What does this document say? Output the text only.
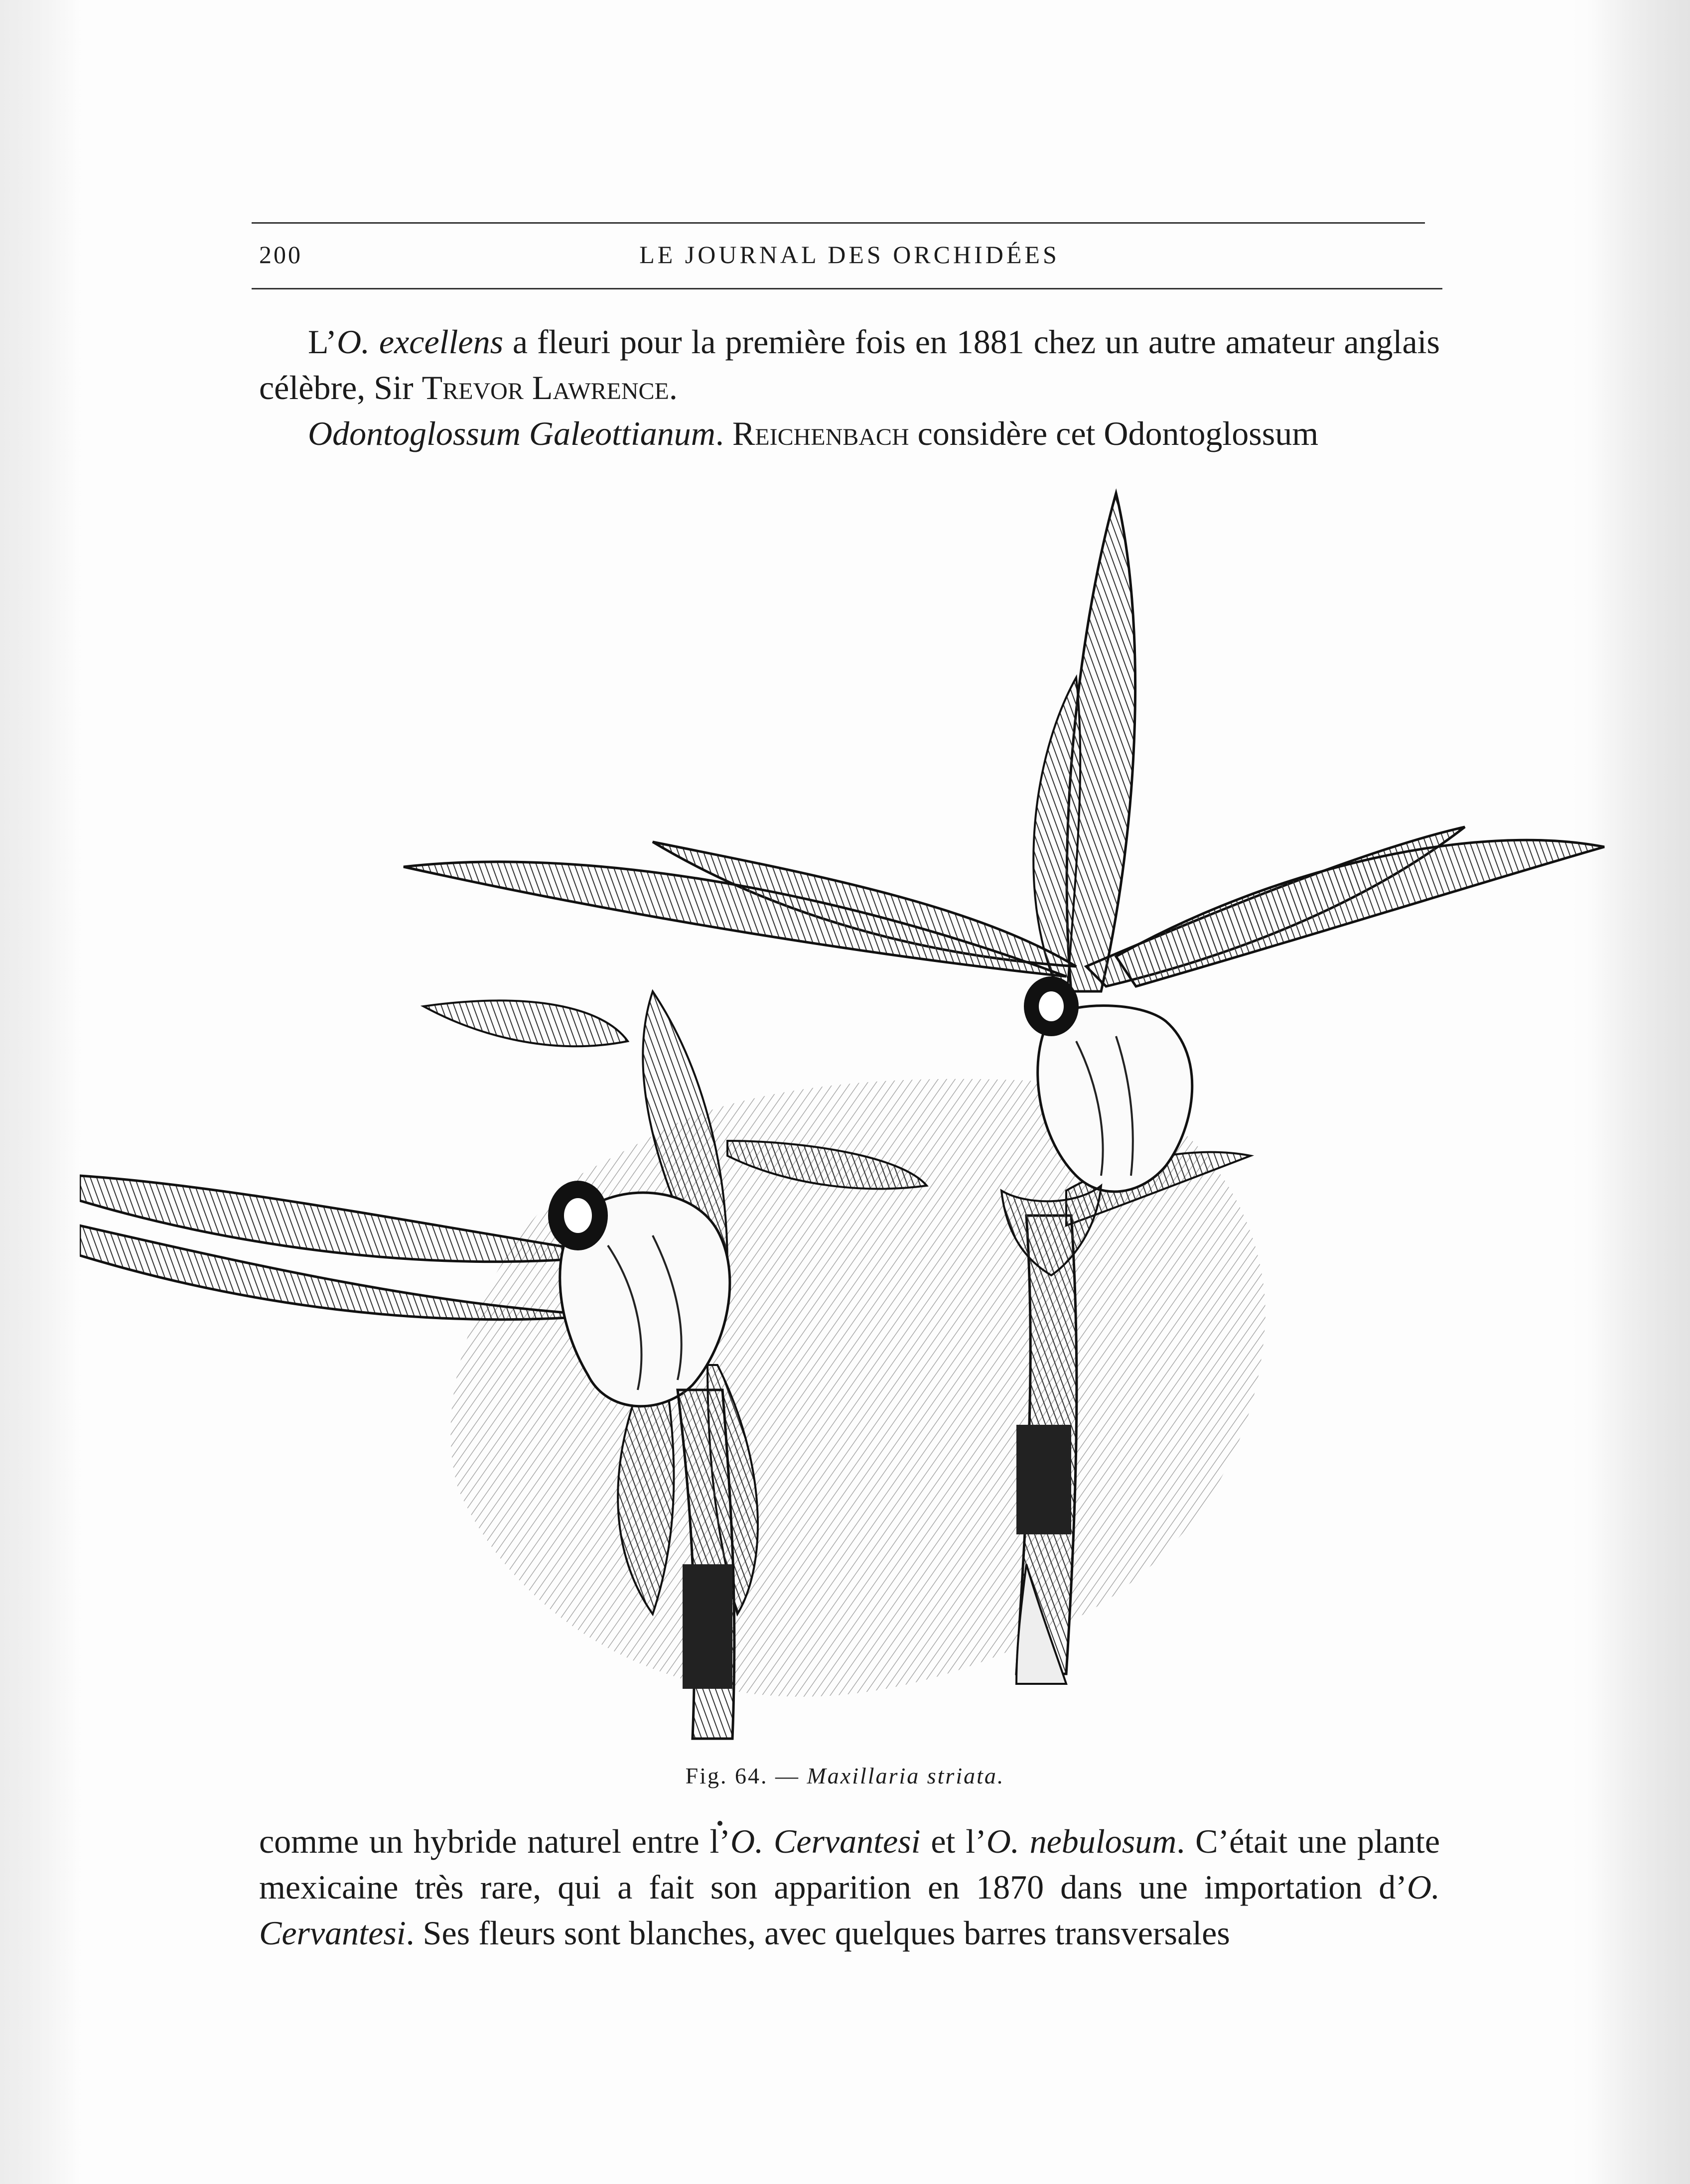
200	LE JOURNAL DES ORCHIDÉES

L’O. excellens a fleuri pour la première fois en 1881 chez un autre amateur anglais célèbre, Sir Trevor Lawrence.

Odontoglossum Galeottianum. Reichenbach considère cet Odontoglossum

Fig. 64. — Maxillaria striata.

comme un hybride naturel entre l’O. Cervantesi et l’O. nebulosum. C’était une plante mexicaine très rare, qui a fait son apparition en 1870 dans une importation d’O. Cervantesi. Ses fleurs sont blanches, avec quelques barres transversales
